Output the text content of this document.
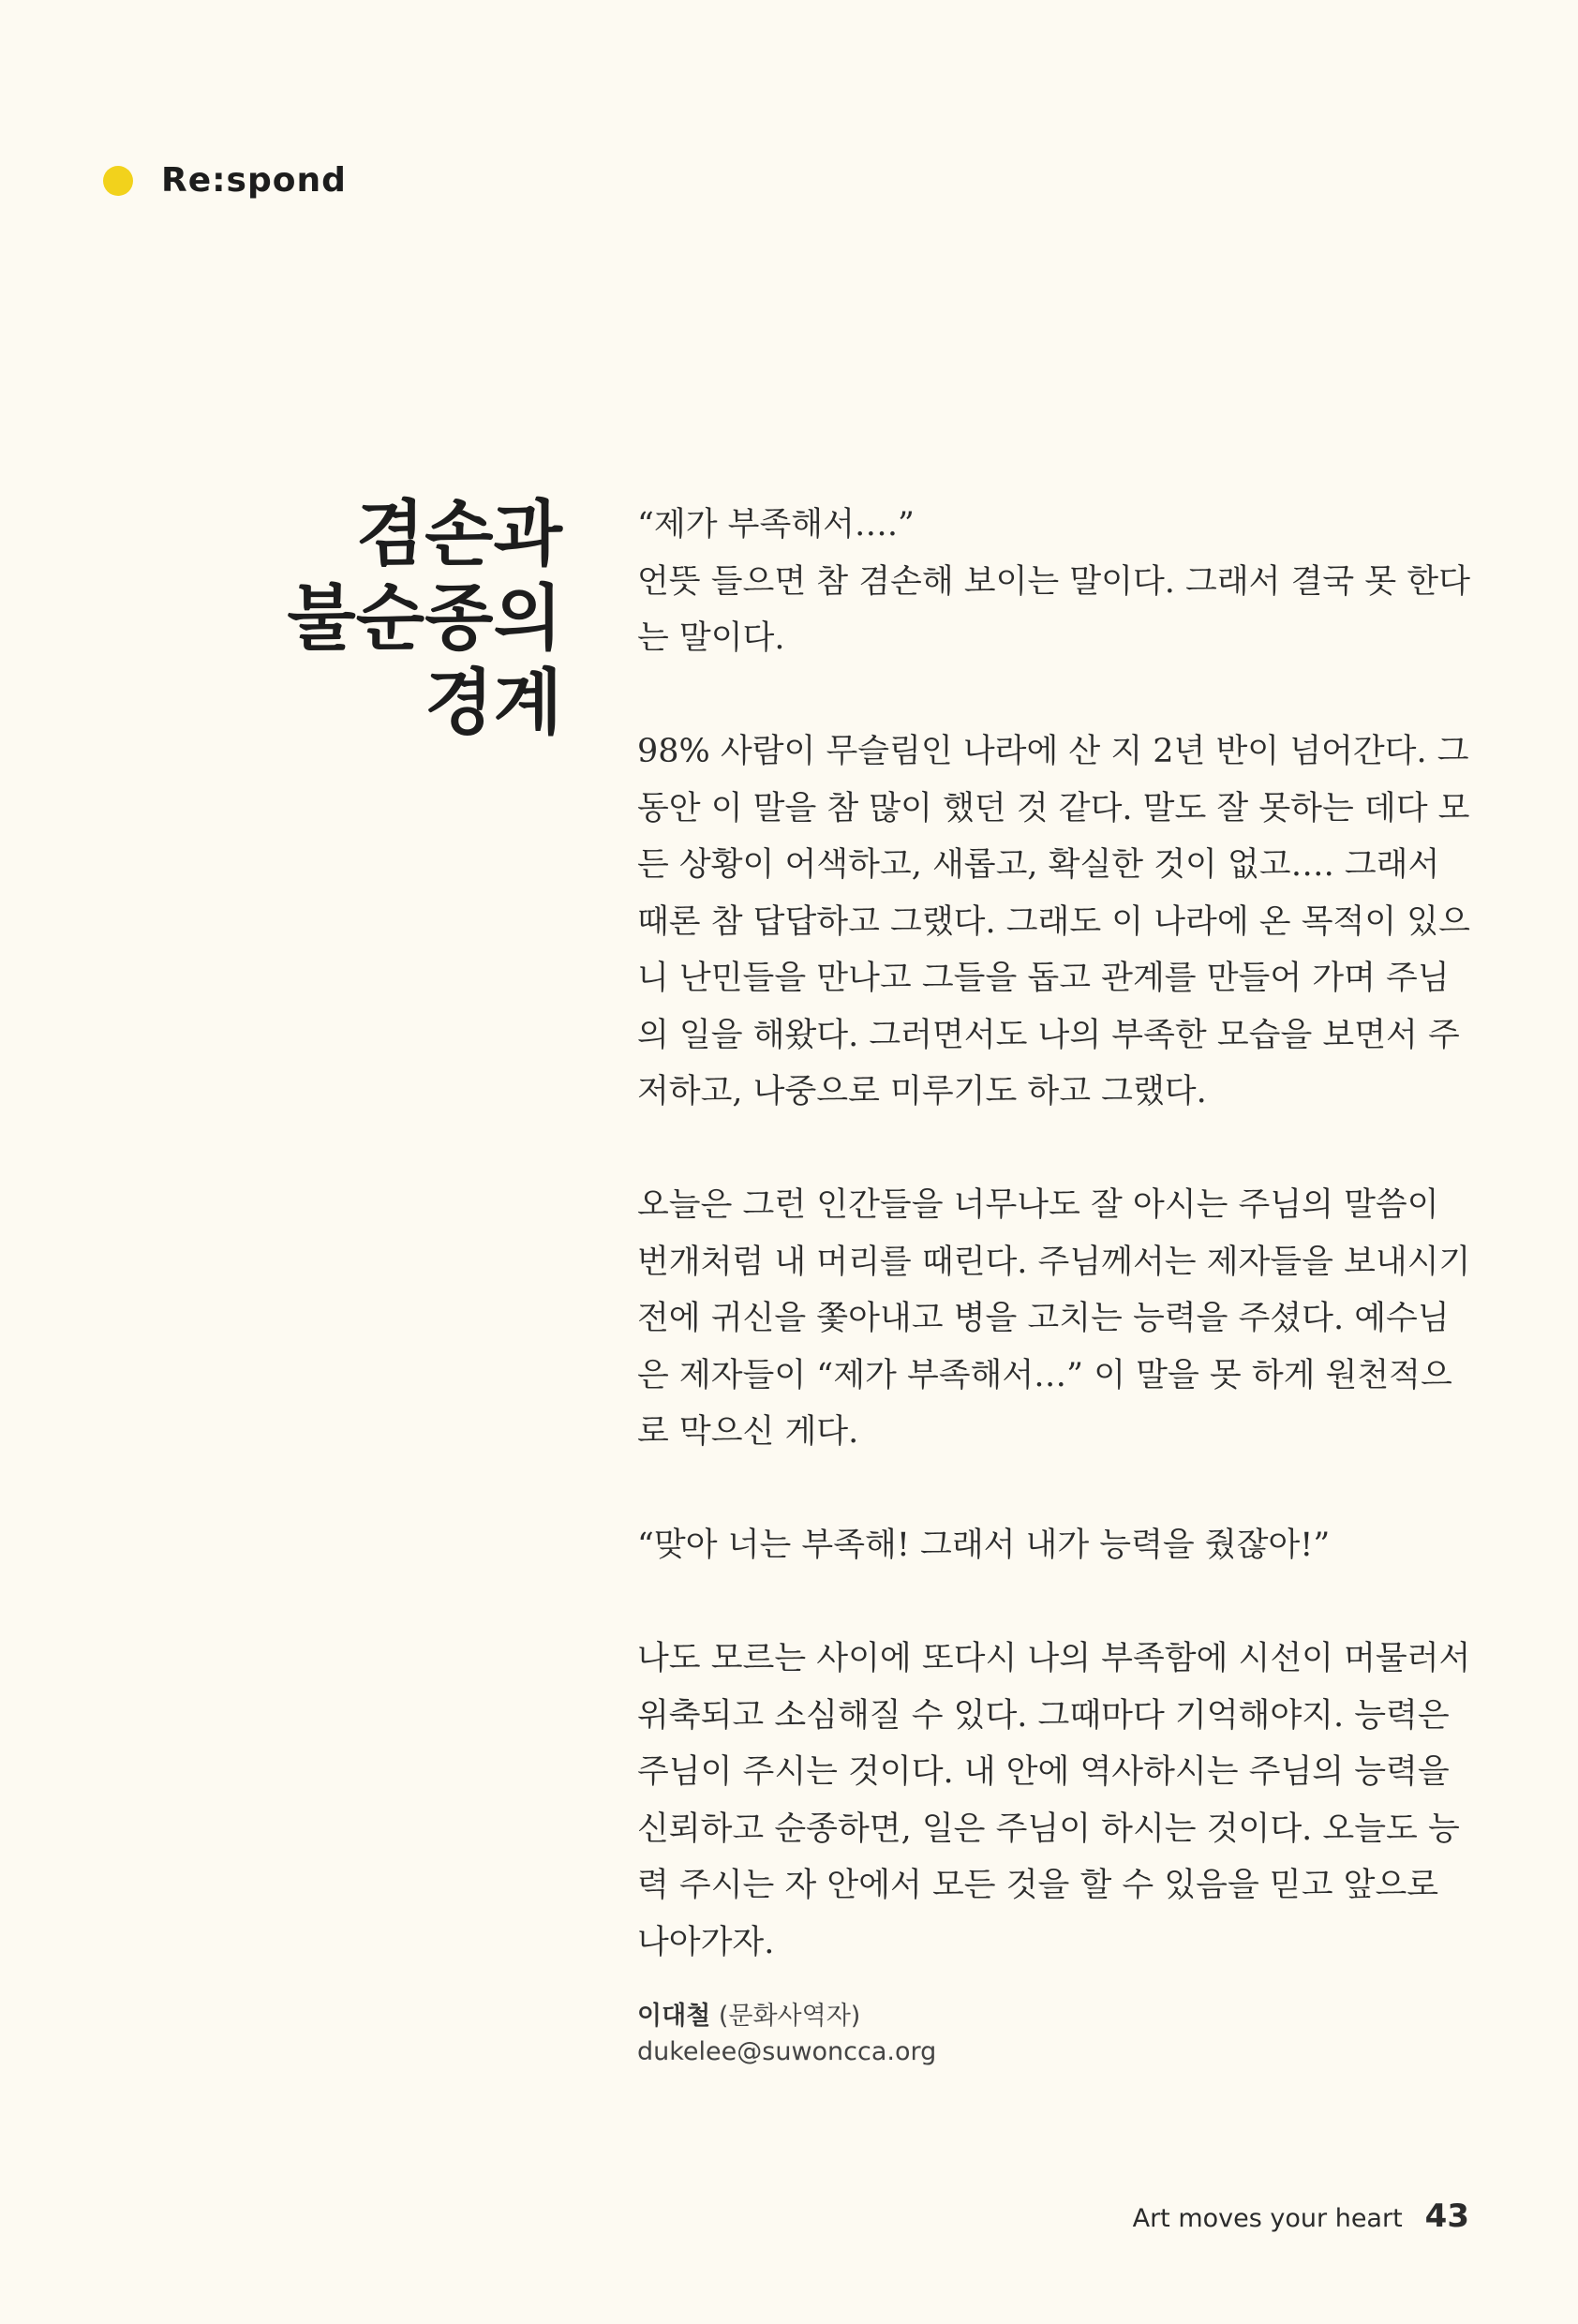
Re:spond
겸손과
불순종의
경계

“제가 부족해서….”
언뜻 들으면 참 겸손해 보이는 말이다. 그래서 결국 못 한다는 말이다.

98% 사람이 무슬림인 나라에 산 지 2년 반이 넘어간다. 그동안 이 말을 참 많이 했던 것 같다. 말도 잘 못하는 데다 모든 상황이 어색하고, 새롭고, 확실한 것이 없고…. 그래서 때론 참 답답하고 그랬다. 그래도 이 나라에 온 목적이 있으니 난민들을 만나고 그들을 돕고 관계를 만들어 가며 주님의 일을 해왔다. 그러면서도 나의 부족한 모습을 보면서 주저하고, 나중으로 미루기도 하고 그랬다.

오늘은 그런 인간들을 너무나도 잘 아시는 주님의 말씀이 번개처럼 내 머리를 때린다. 주님께서는 제자들을 보내시기 전에 귀신을 쫓아내고 병을 고치는 능력을 주셨다. 예수님은 제자들이 “제가 부족해서…” 이 말을 못 하게 원천적으로 막으신 게다.

“맞아 너는 부족해! 그래서 내가 능력을 줬잖아!”

나도 모르는 사이에 또다시 나의 부족함에 시선이 머물러서 위축되고 소심해질 수 있다. 그때마다 기억해야지. 능력은 주님이 주시는 것이다. 내 안에 역사하시는 주님의 능력을 신뢰하고 순종하면, 일은 주님이 하시는 것이다. 오늘도 능력 주시는 자 안에서 모든 것을 할 수 있음을 믿고 앞으로 나아가자.

이대철 (문화사역자)
dukelee@suwoncca.org
Art moves your heart 43
